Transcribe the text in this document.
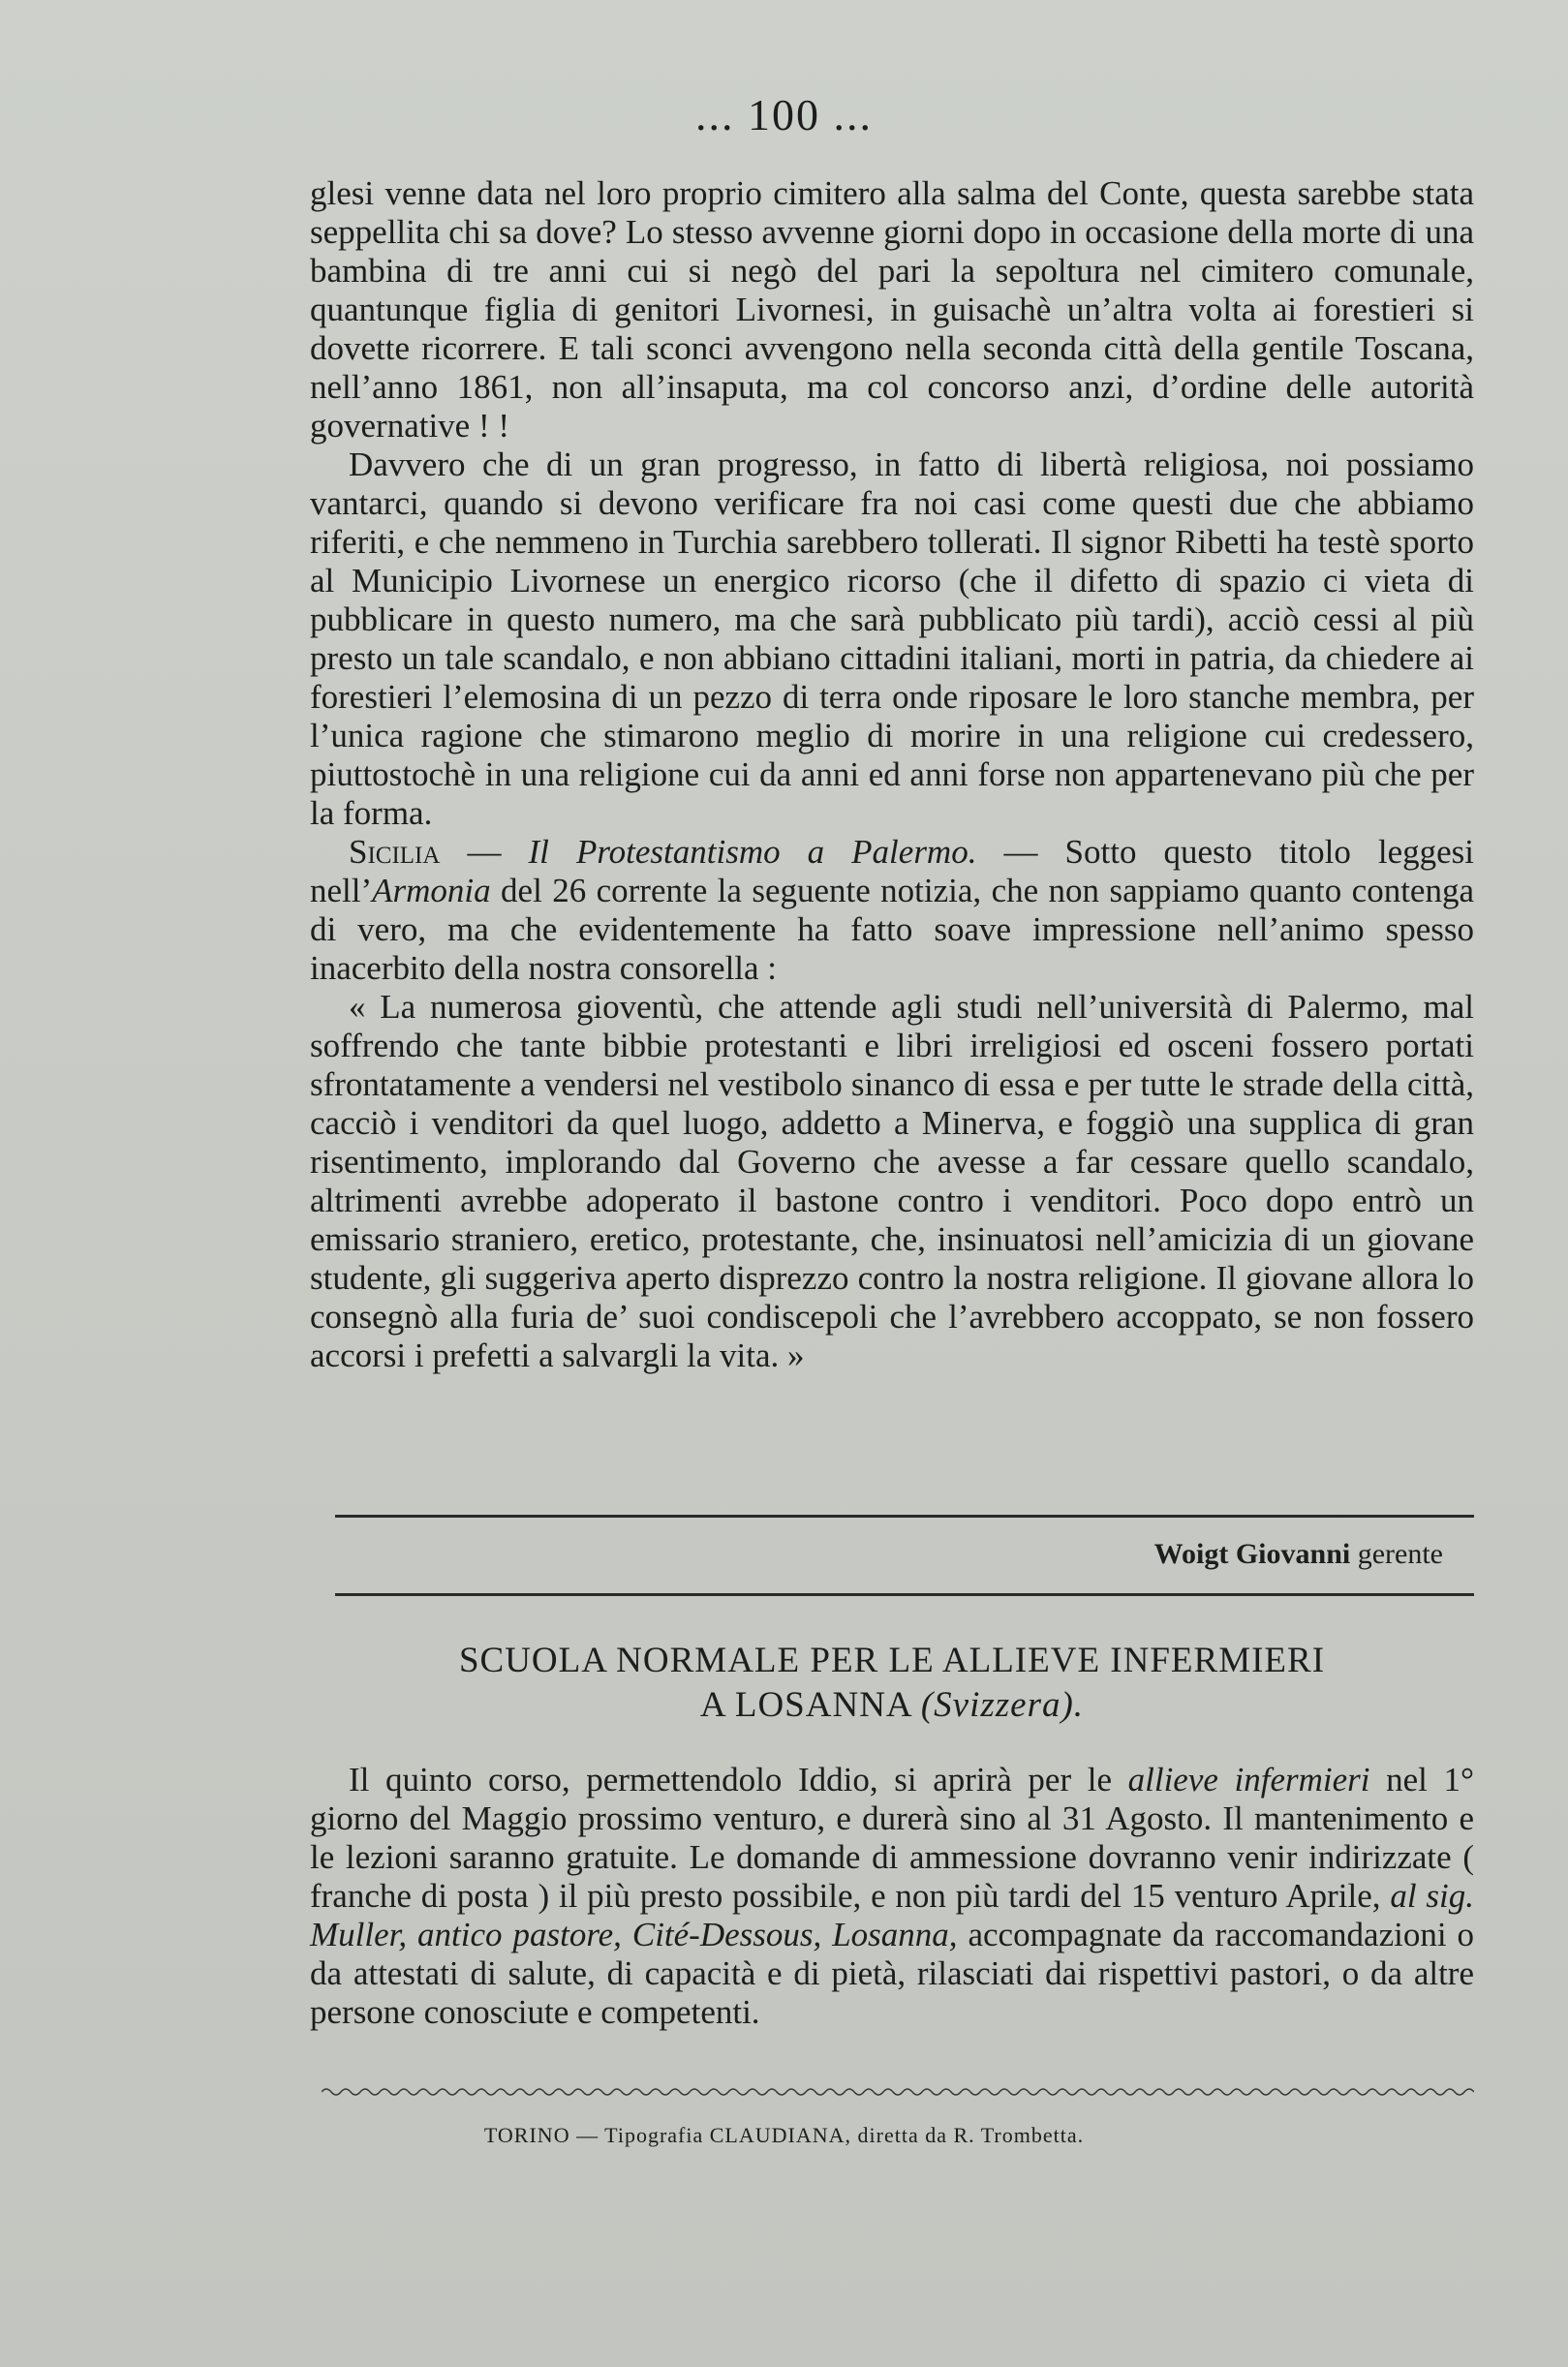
... 100 ...

glesi venne data nel loro proprio cimitero alla salma del Conte, questa sarebbe stata seppellita chi sa dove? Lo stesso avvenne giorni dopo in occasione della morte di una bambina di tre anni cui si negò del pari la sepoltura nel cimitero comunale, quantunque figlia di genitori Livornesi, in guisachè un’altra volta ai forestieri si dovette ricorrere. E tali sconci avvengono nella seconda città della gentile Toscana, nell’anno 1861, non all’insaputa, ma col concorso anzi, d’ordine delle autorità governative ! !

Davvero che di un gran progresso, in fatto di libertà religiosa, noi possiamo vantarci, quando si devono verificare fra noi casi come questi due che abbiamo riferiti, e che nemmeno in Turchia sarebbero tollerati. Il signor Ribetti ha testè sporto al Municipio Livornese un energico ricorso (che il difetto di spazio ci vieta di pubblicare in questo numero, ma che sarà pubblicato più tardi), acciò cessi al più presto un tale scandalo, e non abbiano cittadini italiani, morti in patria, da chiedere ai forestieri l’elemosina di un pezzo di terra onde riposare le loro stanche membra, per l’unica ragione che stimarono meglio di morire in una religione cui credessero, piuttostochè in una religione cui da anni ed anni forse non appartenevano più che per la forma.

Sicilia — Il Protestantismo a Palermo. — Sotto questo titolo leggesi nell’Armonia del 26 corrente la seguente notizia, che non sappiamo quanto contenga di vero, ma che evidentemente ha fatto soave impressione nell’animo spesso inacerbito della nostra consorella :

« La numerosa gioventù, che attende agli studi nell’università di Palermo, mal soffrendo che tante bibbie protestanti e libri irreligiosi ed osceni fossero portati sfrontatamente a vendersi nel vestibolo sinanco di essa e per tutte le strade della città, cacciò i venditori da quel luogo, addetto a Minerva, e foggiò una supplica di gran risentimento, implorando dal Governo che avesse a far cessare quello scandalo, altrimenti avrebbe adoperato il bastone contro i venditori. Poco dopo entrò un emissario straniero, eretico, protestante, che, insinuatosi nell’amicizia di un giovane studente, gli suggeriva aperto disprezzo contro la nostra religione. Il giovane allora lo consegnò alla furia de’ suoi condiscepoli che l’avrebbero accoppato, se non fossero accorsi i prefetti a salvargli la vita. »

Woigt Giovanni gerente
SCUOLA NORMALE PER LE ALLIEVE INFERMIERI
A LOSANNA (Svizzera).

Il quinto corso, permettendolo Iddio, si aprirà per le allieve infermieri nel 1° giorno del Maggio prossimo venturo, e durerà sino al 31 Agosto. Il mantenimento e le lezioni saranno gratuite. Le domande di ammessione dovranno venir indirizzate ( franche di posta ) il più presto possibile, e non più tardi del 15 venturo Aprile, al sig. Muller, antico pastore, Cité-Dessous, Losanna, accompagnate da raccomandazioni o da attestati di salute, di capacità e di pietà, rilasciati dai rispettivi pastori, o da altre persone conosciute e competenti.

TORINO — Tipografia CLAUDIANA, diretta da R. Trombetta.
